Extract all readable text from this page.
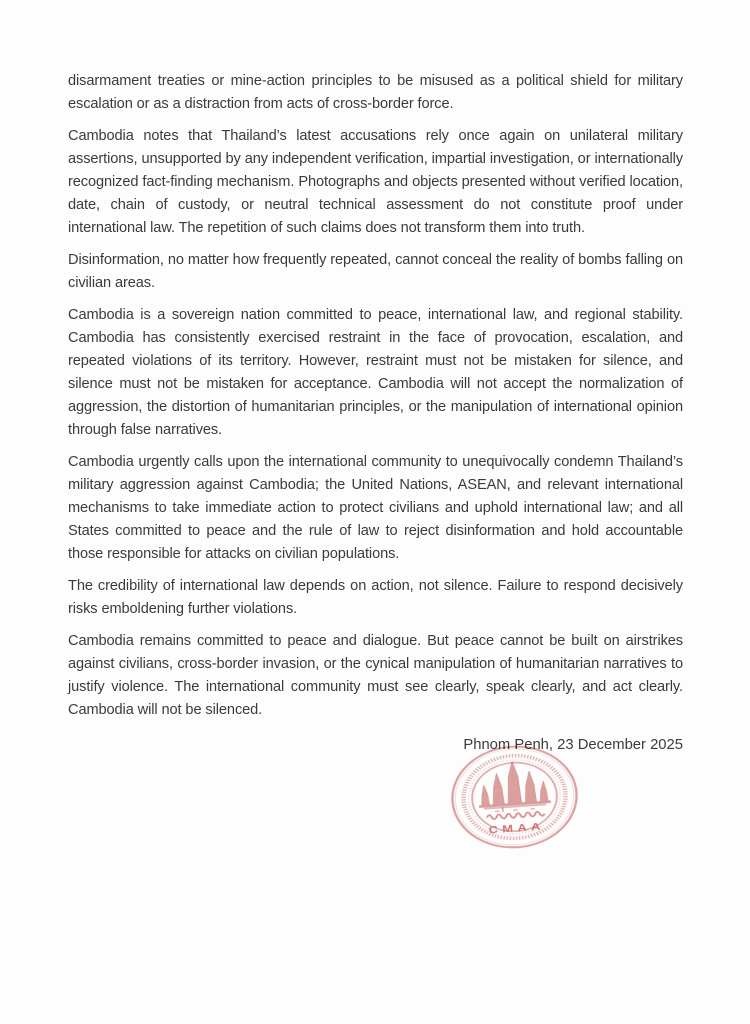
disarmament treaties or mine-action principles to be misused as a political shield for military escalation or as a distraction from acts of cross-border force.

Cambodia notes that Thailand’s latest accusations rely once again on unilateral military assertions, unsupported by any independent verification, impartial investigation, or internationally recognized fact-finding mechanism. Photographs and objects presented without verified location, date, chain of custody, or neutral technical assessment do not constitute proof under international law. The repetition of such claims does not transform them into truth.

Disinformation, no matter how frequently repeated, cannot conceal the reality of bombs falling on civilian areas.

Cambodia is a sovereign nation committed to peace, international law, and regional stability. Cambodia has consistently exercised restraint in the face of provocation, escalation, and repeated violations of its territory. However, restraint must not be mistaken for silence, and silence must not be mistaken for acceptance. Cambodia will not accept the normalization of aggression, the distortion of humanitarian principles, or the manipulation of international opinion through false narratives.

Cambodia urgently calls upon the international community to unequivocally condemn Thailand’s military aggression against Cambodia; the United Nations, ASEAN, and relevant international mechanisms to take immediate action to protect civilians and uphold international law; and all States committed to peace and the rule of law to reject disinformation and hold accountable those responsible for attacks on civilian populations.

The credibility of international law depends on action, not silence. Failure to respond decisively risks emboldening further violations.

Cambodia remains committed to peace and dialogue. But peace cannot be built on airstrikes against civilians, cross-border invasion, or the cynical manipulation of humanitarian narratives to justify violence. The international community must see clearly, speak clearly, and act clearly. Cambodia will not be silenced.

Phnom Penh, 23 December 2025
CMAA
